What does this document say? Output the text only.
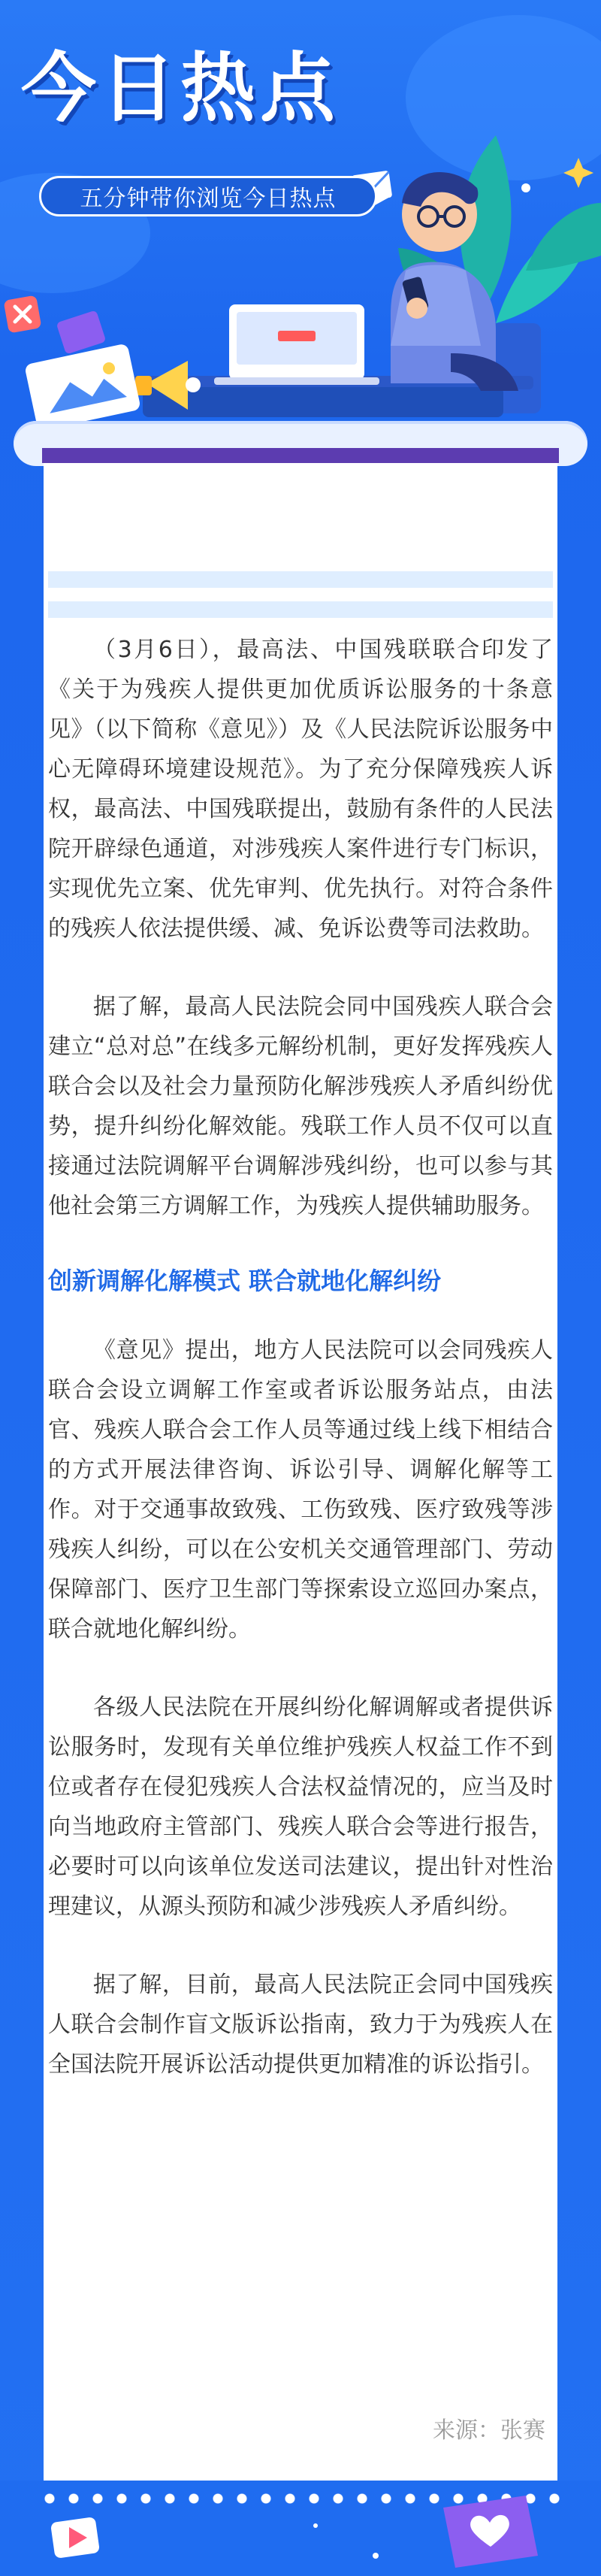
今日热点
五分钟带你浏览今日热点

（3月6日），最高法、中国残联联合印发了《关于为残疾人提供更加优质诉讼服务的十条意见》（以下简称《意见》）及《人民法院诉讼服务中心无障碍环境建设规范》。为了充分保障残疾人诉权，最高法、中国残联提出，鼓励有条件的人民法院开辟绿色通道，对涉残疾人案件进行专门标识，实现优先立案、优先审判、优先执行。对符合条件的残疾人依法提供缓、减、免诉讼费等司法救助。

据了解，最高人民法院会同中国残疾人联合会建立“总对总”在线多元解纷机制，更好发挥残疾人联合会以及社会力量预防化解涉残疾人矛盾纠纷优势，提升纠纷化解效能。残联工作人员不仅可以直接通过法院调解平台调解涉残纠纷，也可以参与其他社会第三方调解工作，为残疾人提供辅助服务。

创新调解化解模式 联合就地化解纠纷

《意见》提出，地方人民法院可以会同残疾人联合会设立调解工作室或者诉讼服务站点，由法官、残疾人联合会工作人员等通过线上线下相结合的方式开展法律咨询、诉讼引导、调解化解等工作。对于交通事故致残、工伤致残、医疗致残等涉残疾人纠纷，可以在公安机关交通管理部门、劳动保障部门、医疗卫生部门等探索设立巡回办案点，联合就地化解纠纷。

各级人民法院在开展纠纷化解调解或者提供诉讼服务时，发现有关单位维护残疾人权益工作不到位或者存在侵犯残疾人合法权益情况的，应当及时向当地政府主管部门、残疾人联合会等进行报告，必要时可以向该单位发送司法建议，提出针对性治理建议，从源头预防和减少涉残疾人矛盾纠纷。

据了解，目前，最高人民法院正会同中国残疾人联合会制作盲文版诉讼指南，致力于为残疾人在全国法院开展诉讼活动提供更加精准的诉讼指引。

来源：张赛
